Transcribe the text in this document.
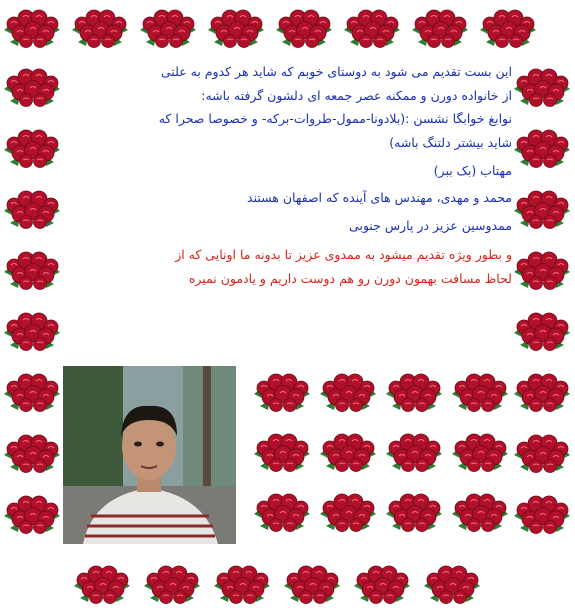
این بست تقدیم می شود به دوستای خوبم که شاید هر کدوم به علتی

از خانواده دورن و ممکنه عصر جمعه ای دلشون گرفته باشه:

نوابغ خوابگا نشسن :(بلادونا-ممول-طروات-برکه- و خصوصا صحرا که

شاید بیشتر دلتنگ باشه)

مهتاب (بک ببر)

محمد و مهدی، مهندس های آینده که اصفهان هستند

ممدوسین عزیز در پارس جنوبی

و بطور ویژه تقدیم میشود به ممدوی عزیز تا بدونه ما اونایی که از

لحاظ مسافت بهمون دورن رو هم دوست داریم و یادمون نمیره
